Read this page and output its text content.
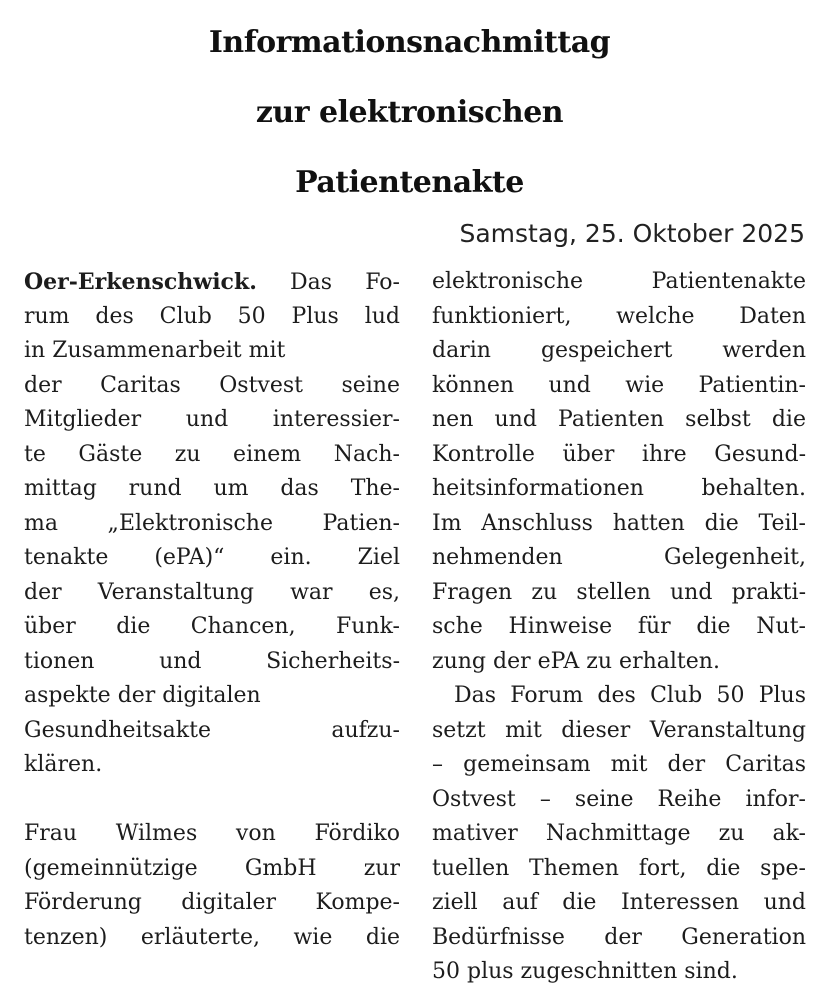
Informationsnachmittag
zur elektronischen
Patientenakte
Samstag, 25. Oktober 2025
Oer-Erkenschwick. Das Fo-
rum des Club 50 Plus lud
in Zusammenarbeit mit
der Caritas Ostvest seine
Mitglieder und interessier-
te Gäste zu einem Nach-
mittag rund um das The-
ma „Elektronische Patien-
tenakte (ePA)“ ein. Ziel
der Veranstaltung war es,
über die Chancen, Funk-
tionen und Sicherheits-
aspekte der digitalen
Gesundheitsakte aufzu-
klären.
Frau Wilmes von Fördiko
(gemeinnützige GmbH zur
Förderung digitaler Kompe-
tenzen) erläuterte, wie die
elektronische Patientenakte
funktioniert, welche Daten
darin gespeichert werden
können und wie Patientin-
nen und Patienten selbst die
Kontrolle über ihre Gesund-
heitsinformationen behalten.
Im Anschluss hatten die Teil-
nehmenden Gelegenheit,
Fragen zu stellen und prakti-
sche Hinweise für die Nut-
zung der ePA zu erhalten.
Das Forum des Club 50 Plus
setzt mit dieser Veranstaltung
– gemeinsam mit der Caritas
Ostvest – seine Reihe infor-
mativer Nachmittage zu ak-
tuellen Themen fort, die spe-
ziell auf die Interessen und
Bedürfnisse der Generation
50 plus zugeschnitten sind.
